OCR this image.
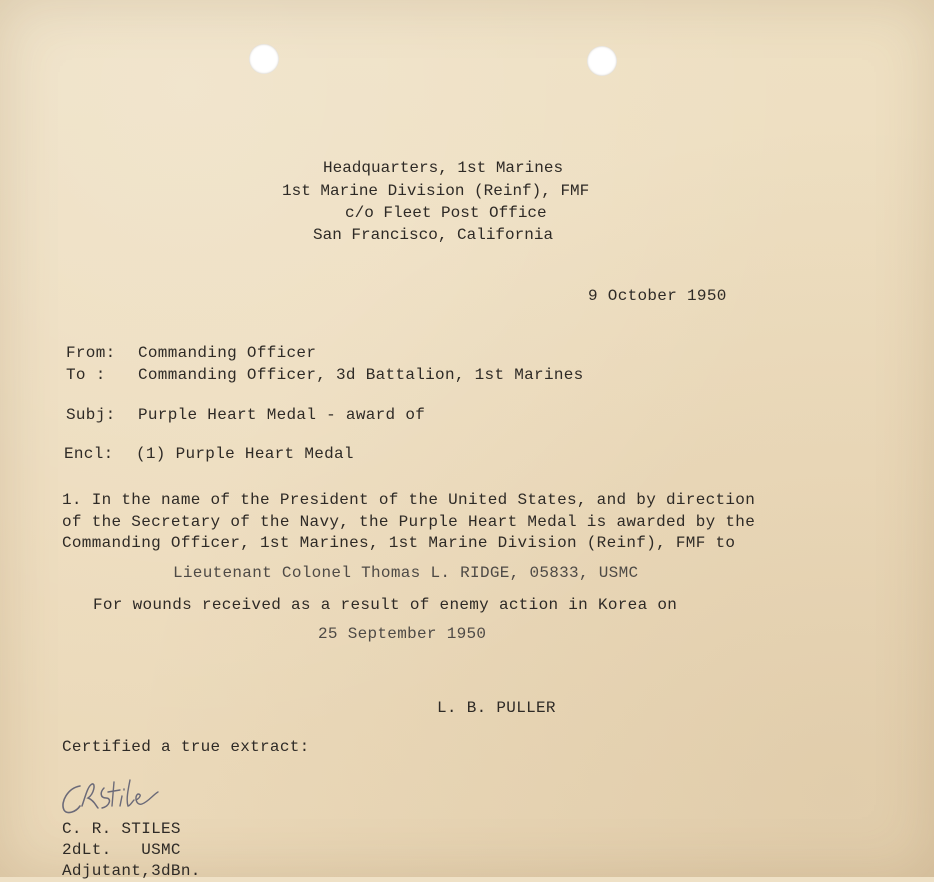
Headquarters, 1st Marines
1st Marine Division (Reinf), FMF
c/o Fleet Post Office
San Francisco, California
9 October 1950
From: Commanding Officer
To : Commanding Officer, 3d Battalion, 1st Marines
Subj: Purple Heart Medal - award of
Encl: (1) Purple Heart Medal
1. In the name of the President of the United States, and by direction
of the Secretary of the Navy, the Purple Heart Medal is awarded by the
Commanding Officer, 1st Marines, 1st Marine Division (Reinf), FMF to
Lieutenant Colonel Thomas L. RIDGE, 05833, USMC
For wounds received as a result of enemy action in Korea on
25 September 1950
L. B. PULLER
Certified a true extract:
C. R. STILES
2dLt.   USMC
Adjutant,3dBn.
